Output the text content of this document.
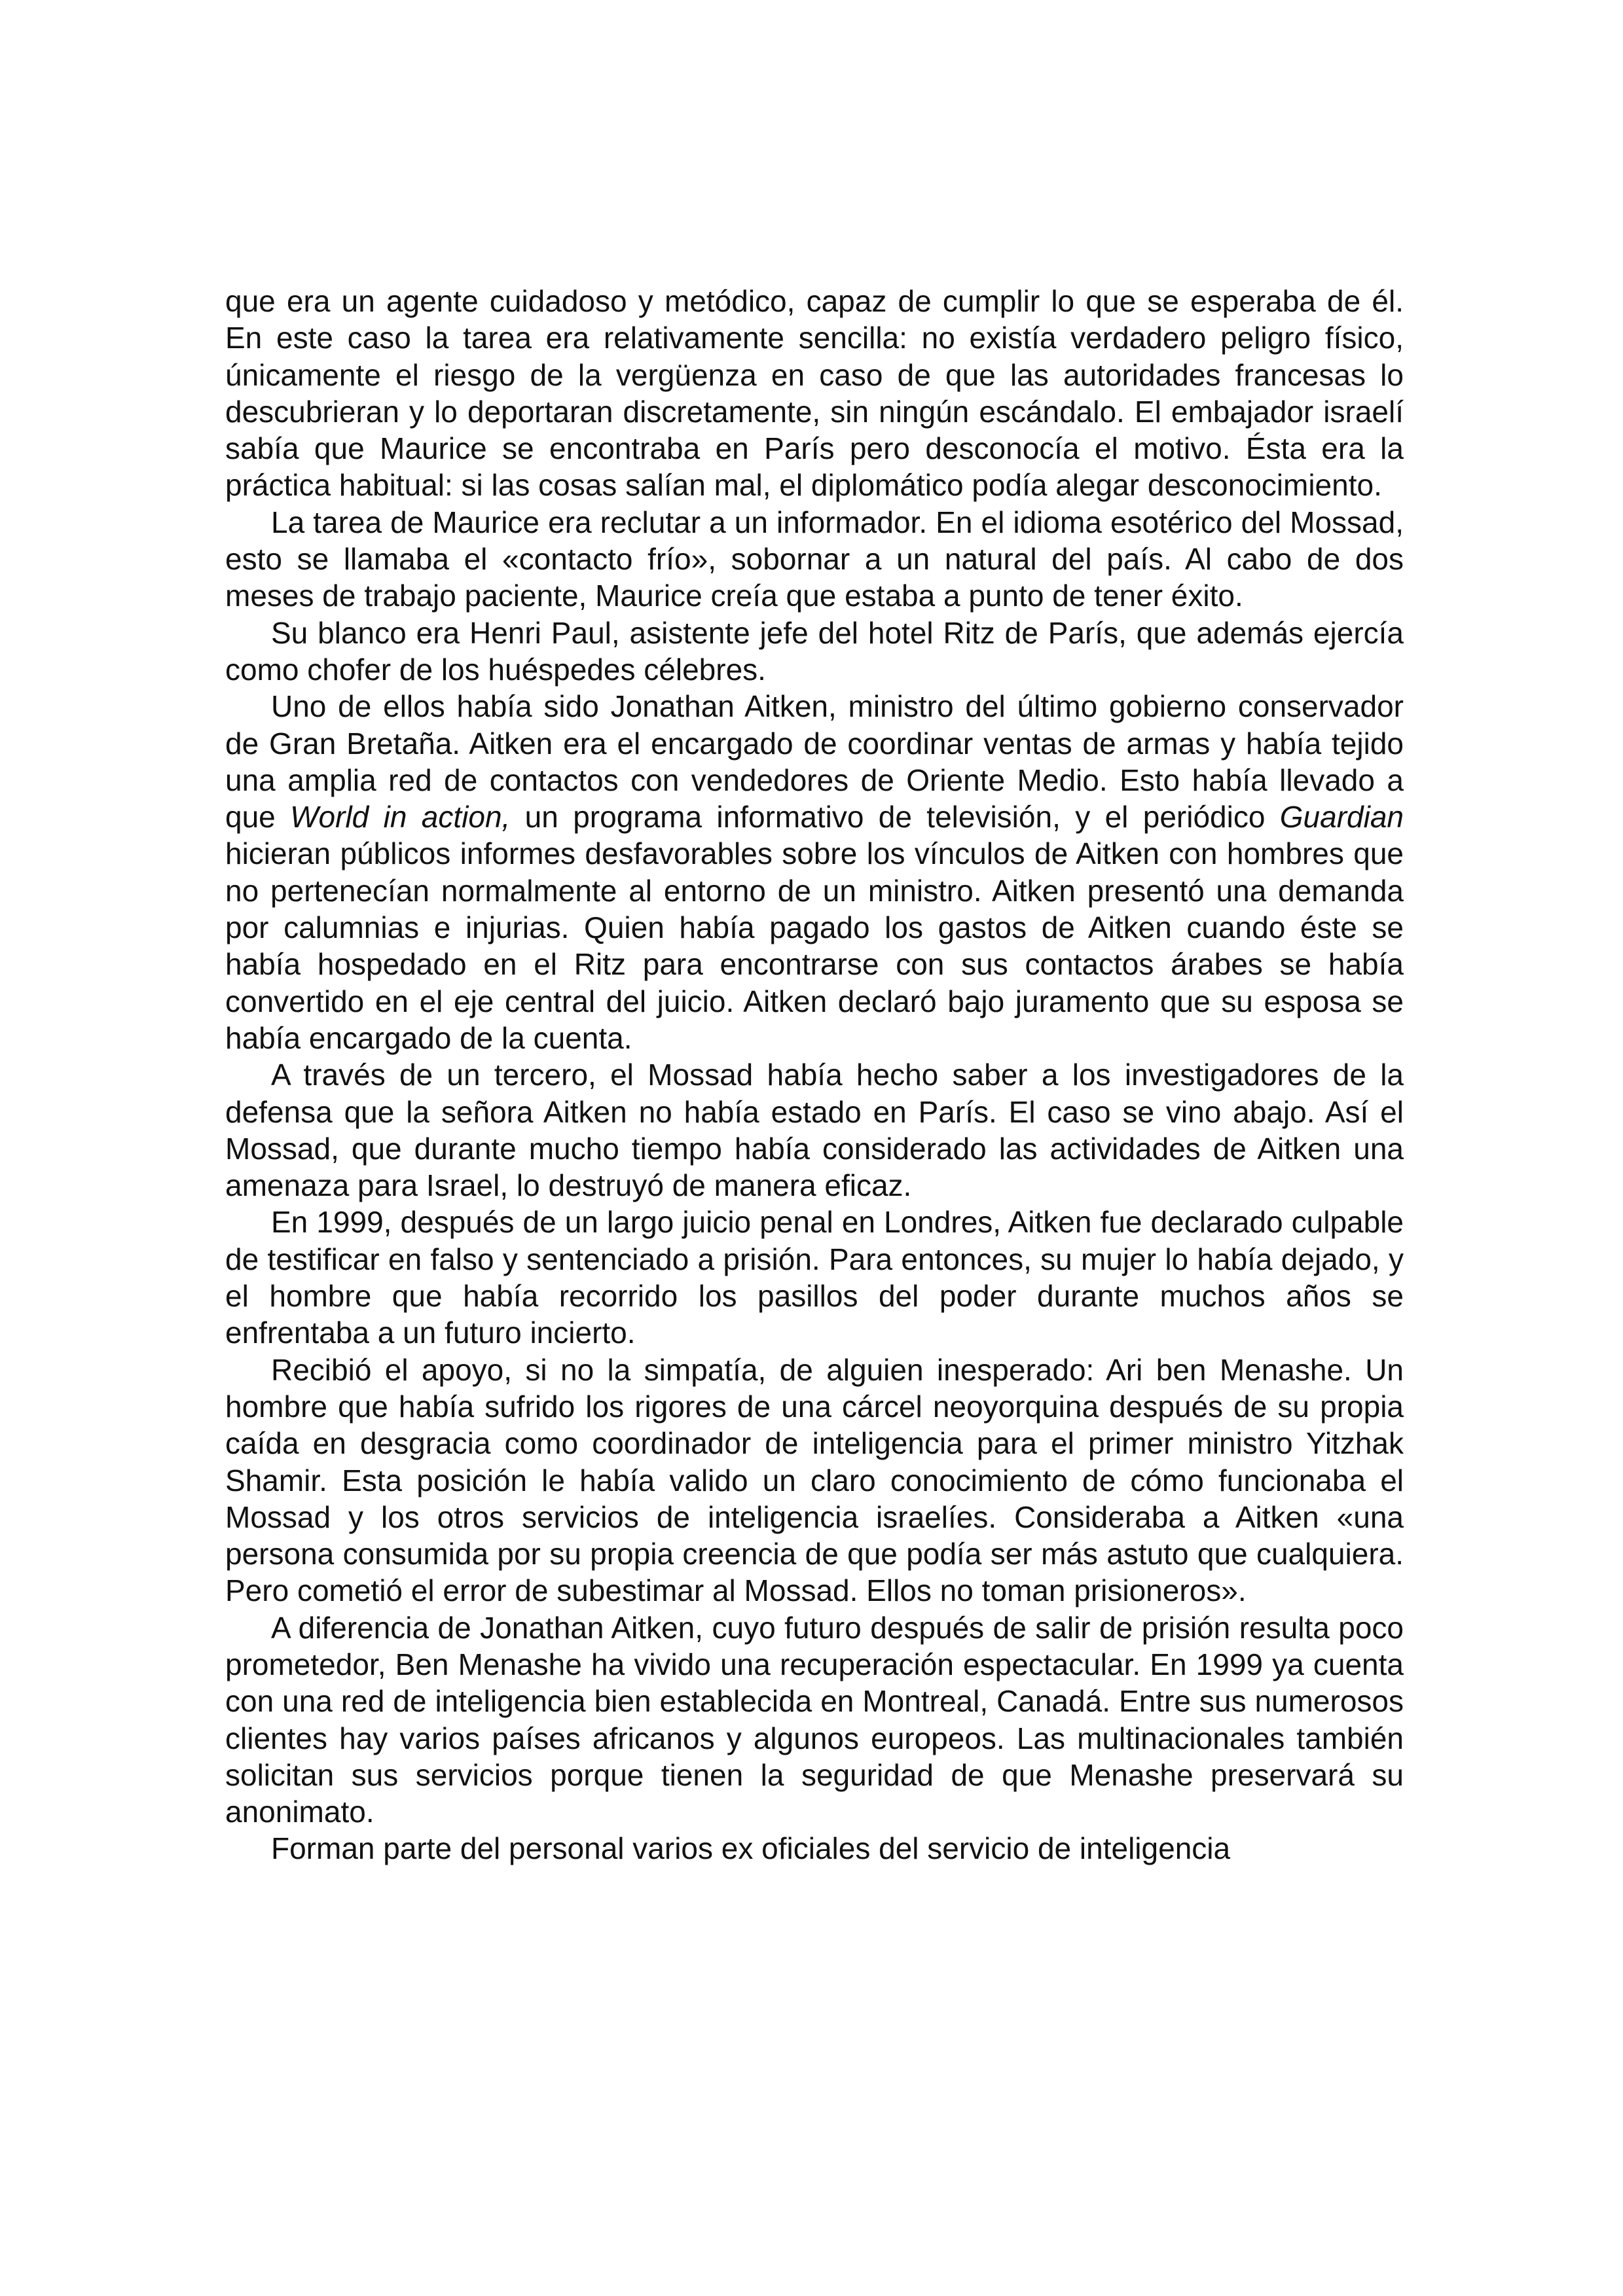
que era un agente cuidadoso y metódico, capaz de cumplir lo que se esperaba de él. En este caso la tarea era relativamente sencilla: no existía verdadero peligro físico, únicamente el riesgo de la vergüenza en caso de que las autoridades francesas lo descubrieran y lo deportaran discretamente, sin ningún escándalo. El embajador israelí sabía que Maurice se encontraba en París pero desconocía el motivo. Ésta era la práctica habitual: si las cosas salían mal, el diplomático podía alegar desconocimiento.

La tarea de Maurice era reclutar a un informador. En el idioma esotérico del Mossad, esto se llamaba el «contacto frío», sobornar a un natural del país. Al cabo de dos meses de trabajo paciente, Maurice creía que estaba a punto de tener éxito.

Su blanco era Henri Paul, asistente jefe del hotel Ritz de París, que además ejercía como chofer de los huéspedes célebres.

Uno de ellos había sido Jonathan Aitken, ministro del último gobierno conservador de Gran Bretaña. Aitken era el encargado de coordinar ventas de armas y había tejido una amplia red de contactos con vendedores de Oriente Medio. Esto había llevado a que World in action, un programa informativo de televisión, y el periódico Guardian hicieran públicos informes desfavorables sobre los vínculos de Aitken con hombres que no pertenecían normalmente al entorno de un ministro. Aitken presentó una demanda por calumnias e injurias. Quien había pagado los gastos de Aitken cuando éste se había hospedado en el Ritz para encontrarse con sus contactos árabes se había convertido en el eje central del juicio. Aitken declaró bajo juramento que su esposa se había encargado de la cuenta.

A través de un tercero, el Mossad había hecho saber a los investigadores de la defensa que la señora Aitken no había estado en París. El caso se vino abajo. Así el Mossad, que durante mucho tiempo había considerado las actividades de Aitken una amenaza para Israel, lo destruyó de manera eficaz.

En 1999, después de un largo juicio penal en Londres, Aitken fue declarado culpable de testificar en falso y sentenciado a prisión. Para entonces, su mujer lo había dejado, y el hombre que había recorrido los pasillos del poder durante muchos años se enfrentaba a un futuro incierto.

Recibió el apoyo, si no la simpatía, de alguien inesperado: Ari ben Menashe. Un hombre que había sufrido los rigores de una cárcel neoyorquina después de su propia caída en desgracia como coordinador de inteligencia para el primer ministro Yitzhak Shamir. Esta posición le había valido un claro conocimiento de cómo funcionaba el Mossad y los otros servicios de inteligencia israelíes. Consideraba a Aitken «una persona consumida por su propia creencia de que podía ser más astuto que cualquiera. Pero cometió el error de subestimar al Mossad. Ellos no toman prisioneros».

A diferencia de Jonathan Aitken, cuyo futuro después de salir de prisión resulta poco prometedor, Ben Menashe ha vivido una recuperación espectacular. En 1999 ya cuenta con una red de inteligencia bien establecida en Montreal, Canadá. Entre sus numerosos clientes hay varios países africanos y algunos europeos. Las multinacionales también solicitan sus servicios porque tienen la seguridad de que Menashe preservará su anonimato.

Forman parte del personal varios ex oficiales del servicio de inteligencia
